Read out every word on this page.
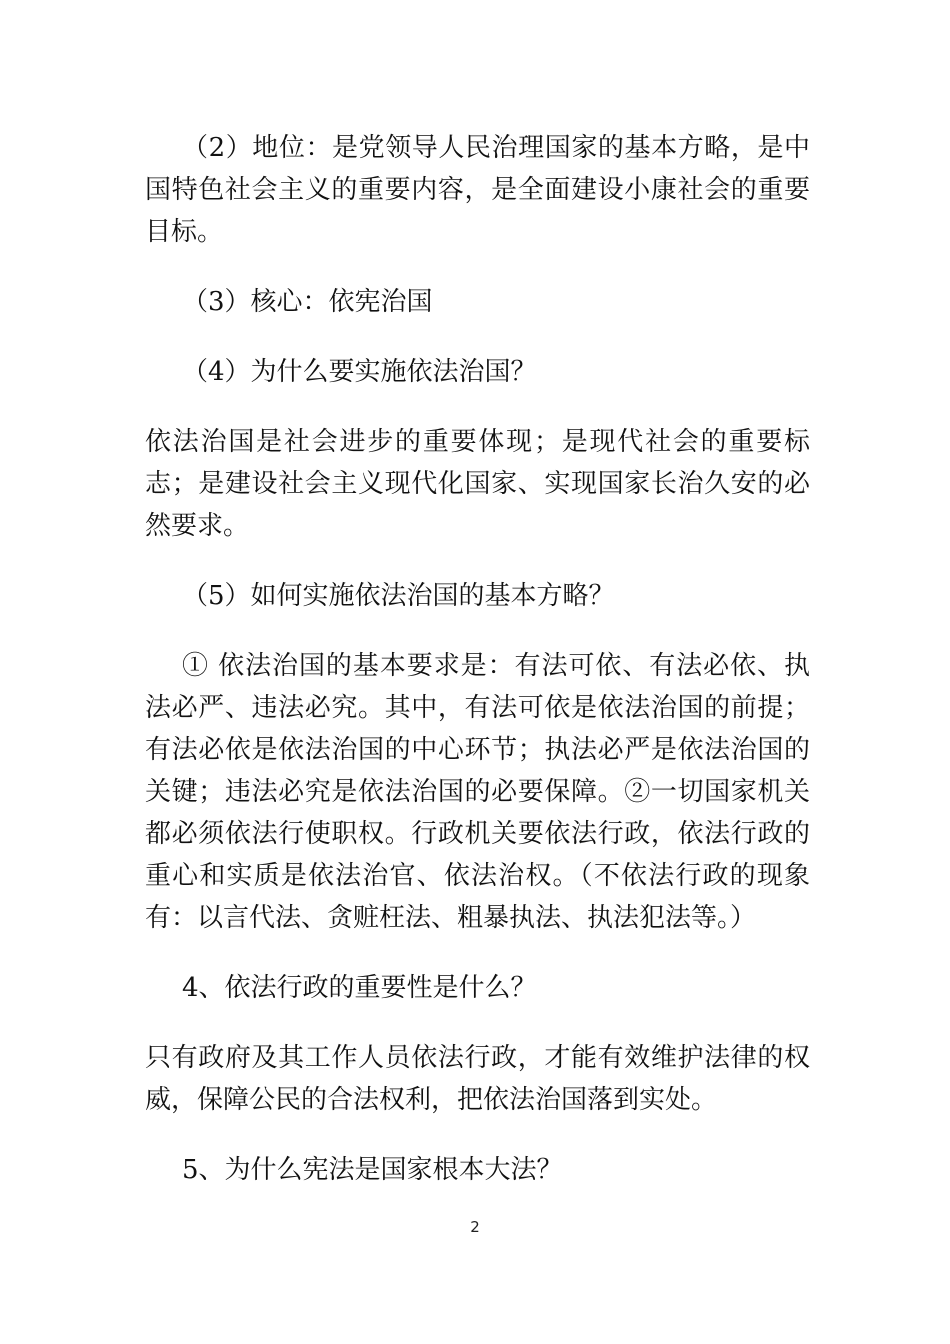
（2）地位：是党领导人民治理国家的基本方略，是中国特色社会主义的重要内容，是全面建设小康社会的重要目标。

（3）核心：依宪治国

（4）为什么要实施依法治国？

依法治国是社会进步的重要体现；是现代社会的重要标志；是建设社会主义现代化国家、实现国家长治久安的必然要求。

（5）如何实施依法治国的基本方略？

① 依法治国的基本要求是：有法可依、有法必依、执法必严、违法必究。其中，有法可依是依法治国的前提；有法必依是依法治国的中心环节；执法必严是依法治国的关键；违法必究是依法治国的必要保障。②一切国家机关都必须依法行使职权。行政机关要依法行政，依法行政的重心和实质是依法治官、依法治权。（不依法行政的现象有：以言代法、贪赃枉法、粗暴执法、执法犯法等。）

4、依法行政的重要性是什么？

只有政府及其工作人员依法行政，才能有效维护法律的权威，保障公民的合法权利，把依法治国落到实处。

5、为什么宪法是国家根本大法？

2
